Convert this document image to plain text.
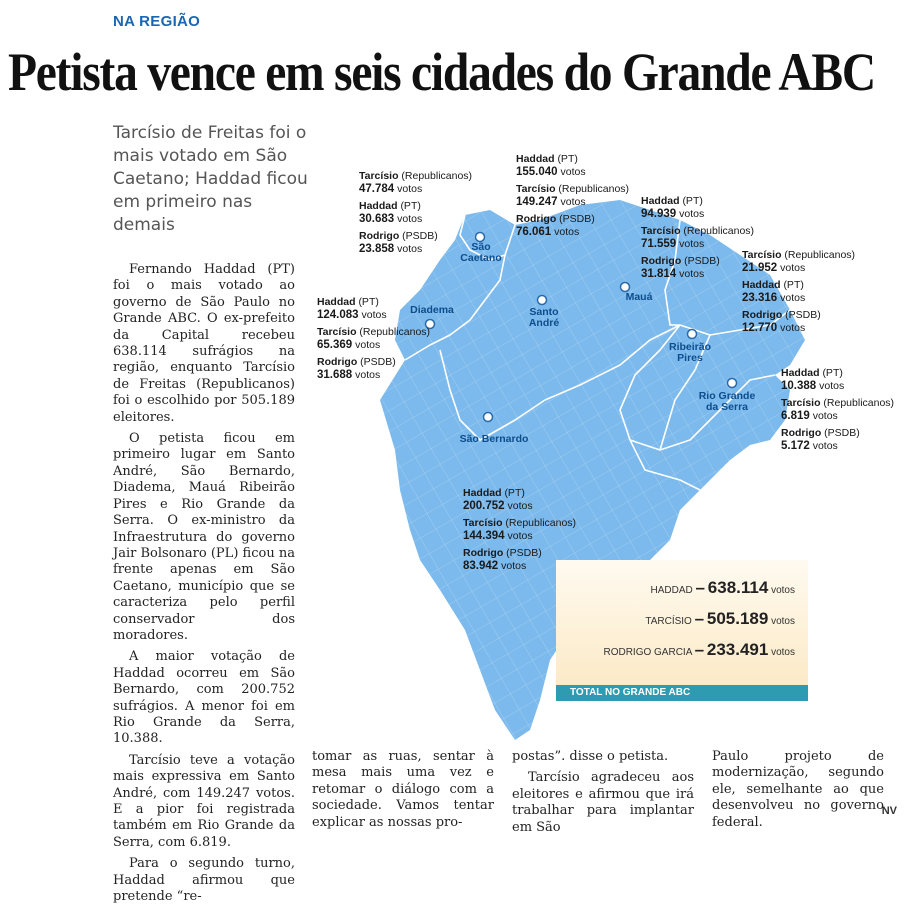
NA REGIÃO
Petista vence em seis cidades do Grande ABC
Tarcísio de Freitas foi o mais votado em São Caetano; Haddad ficou em primeiro nas demais

Fernando Haddad (PT) foi o mais votado ao governo de São Paulo no Grande ABC. O ex-prefeito da Capital recebeu 638.114 sufrágios na região, enquanto Tarcísio de Freitas (Republicanos) foi o escolhido por 505.189 eleitores.

O petista ficou em primeiro lugar em Santo André, São Bernardo, Diadema, Mauá Ribeirão Pires e Rio Grande da Serra. O ex-ministro da Infraestrutura do governo Jair Bolsonaro (PL) ficou na frente apenas em São Caetano, município que se caracteriza pelo perfil conservador dos moradores.

A maior votação de Haddad ocorreu em São Bernardo, com 200.752 sufrágios. A menor foi em Rio Grande da Serra, 10.388.

Tarcísio teve a votação mais expressiva em Santo André, com 149.247 votos. E a pior foi registrada também em Rio Grande da Serra, com 6.819.

Para o segundo turno, Haddad afirmou que pretende “re-

São
Caetano
Santo
André
Mauá
Ribeirão
Pires
Diadema
Rio Grande
da Serra
São Bernardo
Tarcísio (Republicanos)
47.784 votos
Haddad (PT)
30.683 votos
Rodrigo (PSDB)
23.858 votos
Haddad (PT)
155.040 votos
Tarcísio (Republicanos)
149.247 votos
Rodrigo (PSDB)
76.061 votos
Haddad (PT)
94.939 votos
Tarcísio (Republicanos)
71.559 votos
Rodrigo (PSDB)
31.814 votos
Tarcísio (Republicanos)
21.952 votos
Haddad (PT)
23.316 votos
Rodrigo (PSDB)
12.770 votos
Haddad (PT)
124.083 votos
Tarcísio (Republicanos)
65.369 votos
Rodrigo (PSDB)
31.688 votos	Haddad (PT)
10.388 votos
Tarcísio (Republicanos)
6.819 votos
Rodrigo (PSDB)
5.172 votos
Haddad (PT)
200.752 votos
Tarcísio (Republicanos)
144.394 votos
Rodrigo (PSDB)
83.942 votos
HADDAD – 638.114 votos
TARCÍSIO – 505.189 votos
RODRIGO GARCIA – 233.491 votos
TOTAL NO GRANDE ABC

tomar as ruas, sentar à mesa mais uma vez e retomar o diálogo com a sociedade. Vamos tentar explicar as nossas pro-

postas”. disse o petista.

Tarcísio agradeceu aos eleitores e afirmou que irá trabalhar para implantar em São

Paulo projeto de modernização, segundo ele, semelhante ao que desenvolveu no governo federal.

NV
